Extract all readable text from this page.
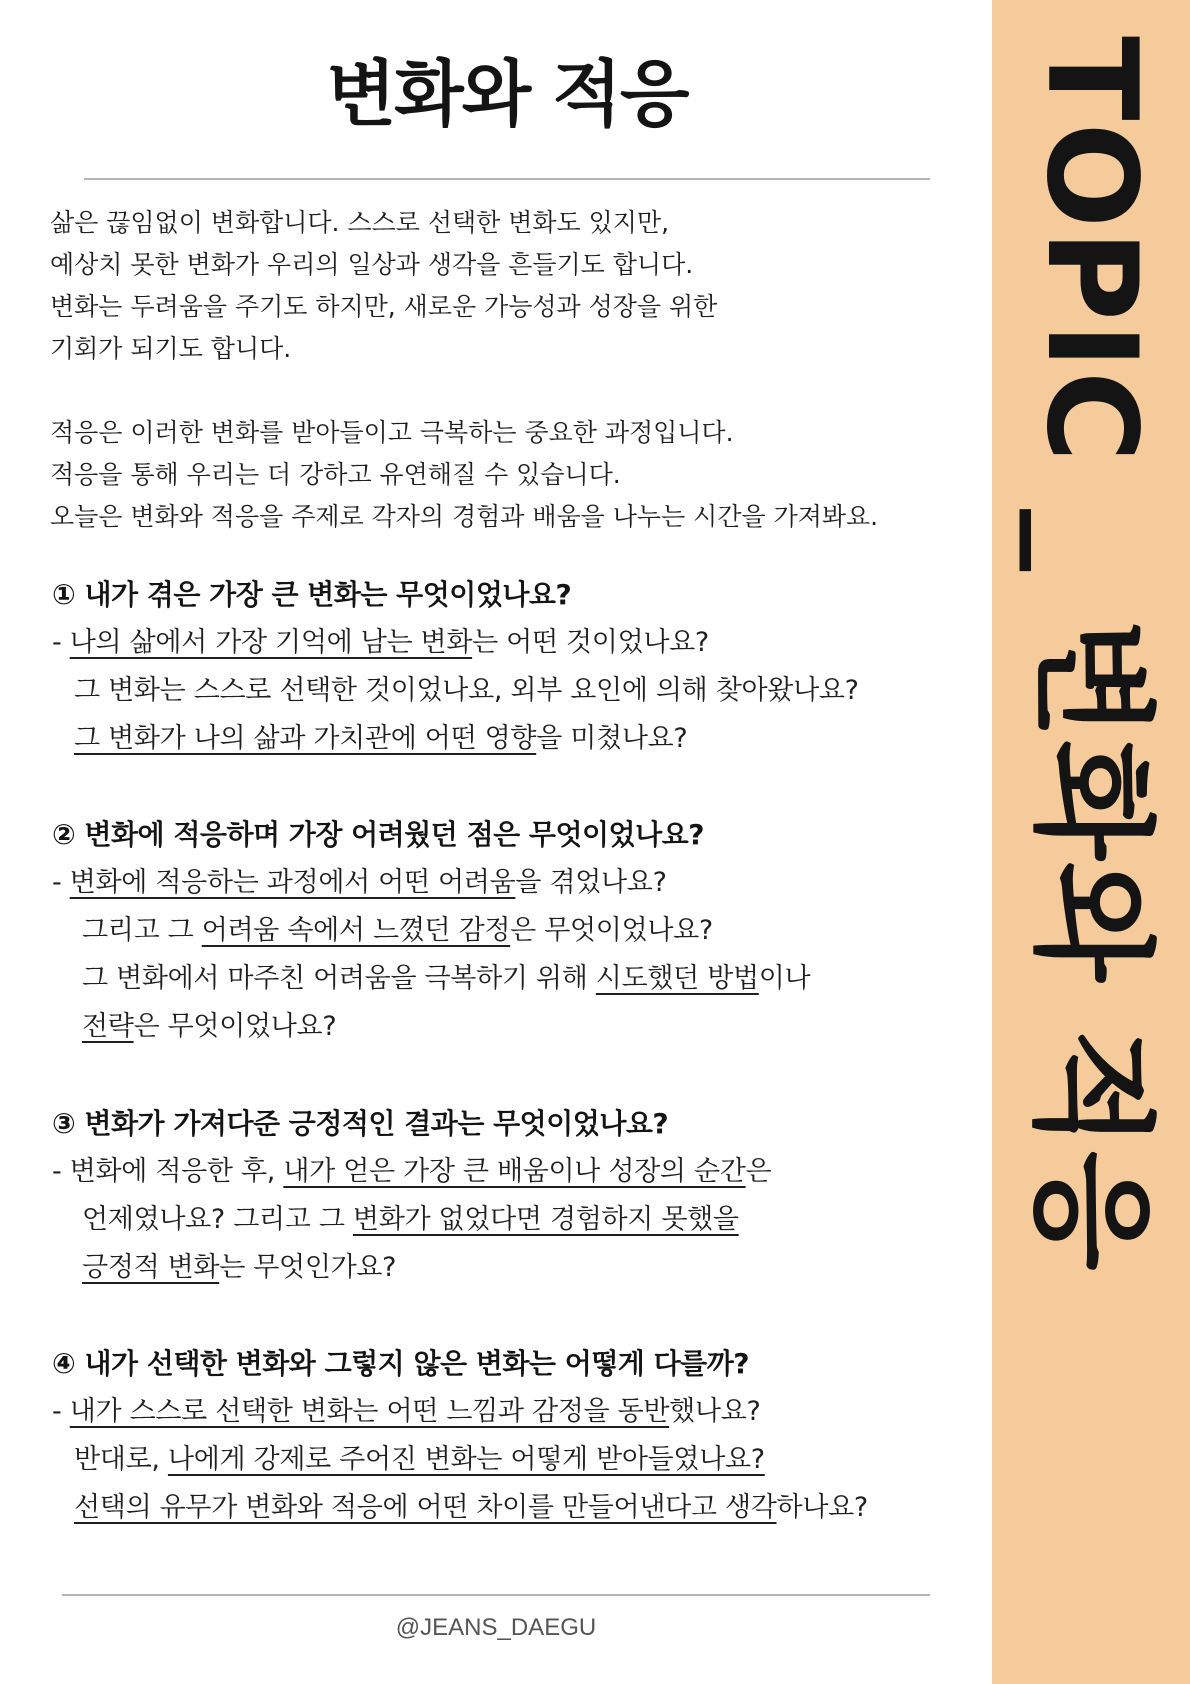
TOPIC _ 변화와 적응
변화와 적응

삶은 끊임없이 변화합니다. 스스로 선택한 변화도 있지만,

예상치 못한 변화가 우리의 일상과 생각을 흔들기도 합니다.

변화는 두려움을 주기도 하지만, 새로운 가능성과 성장을 위한

기회가 되기도 합니다.

적응은 이러한 변화를 받아들이고 극복하는 중요한 과정입니다.

적응을 통해 우리는 더 강하고 유연해질 수 있습니다.

오늘은 변화와 적응을 주제로 각자의 경험과 배움을 나누는 시간을 가져봐요.

① 내가 겪은 가장 큰 변화는 무엇이었나요?
- 나의 삶에서 가장 기억에 남는 변화는 어떤 것이었나요?
그 변화는 스스로 선택한 것이었나요, 외부 요인에 의해 찾아왔나요?
그 변화가 나의 삶과 가치관에 어떤 영향을 미쳤나요?
② 변화에 적응하며 가장 어려웠던 점은 무엇이었나요?
- 변화에 적응하는 과정에서 어떤 어려움을 겪었나요?
그리고 그 어려움 속에서 느꼈던 감정은 무엇이었나요?
그 변화에서 마주친 어려움을 극복하기 위해 시도했던 방법이나
전략은 무엇이었나요?
③ 변화가 가져다준 긍정적인 결과는 무엇이었나요?
- 변화에 적응한 후, 내가 얻은 가장 큰 배움이나 성장의 순간은
언제였나요? 그리고 그 변화가 없었다면 경험하지 못했을
긍정적 변화는 무엇인가요?
④ 내가 선택한 변화와 그렇지 않은 변화는 어떻게 다를까?
- 내가 스스로 선택한 변화는 어떤 느낌과 감정을 동반했나요?
반대로, 나에게 강제로 주어진 변화는 어떻게 받아들였나요?
선택의 유무가 변화와 적응에 어떤 차이를 만들어낸다고 생각하나요?
@JEANS_DAEGU
